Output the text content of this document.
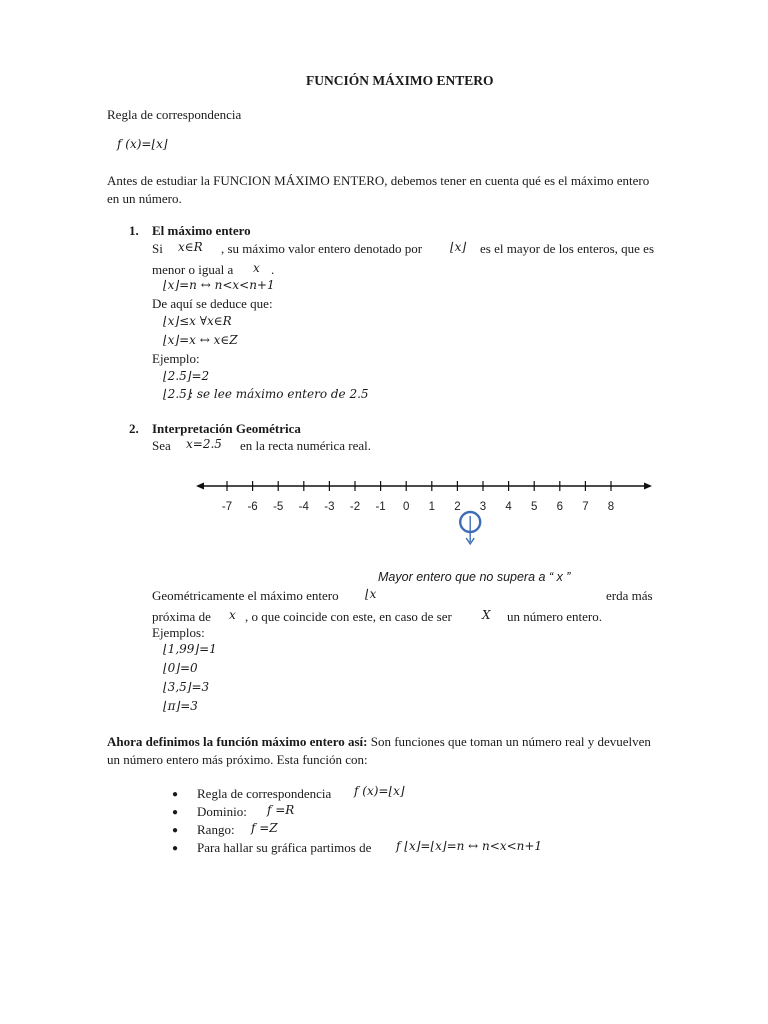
FUNCIÓN MÁXIMO ENTERO
Regla de correspondencia
f (x)=⌊x⌋
Antes de estudiar la FUNCION MÁXIMO ENTERO, debemos tener en cuenta qué es el máximo entero
en un número.
1. El máximo entero
Si x∈R , su máximo valor entero denotado por ⌊x⌋ es el mayor de los enteros, que es
menor o igual a x .
⌊x⌋=n ↔ n<x<n+1
De aquí se deduce que:
⌊x⌋≤x ∀x∈R
⌊x⌋=x ↔ x∈Z
Ejemplo:
⌊2.5⌋=2
⌊2.5⌋
: se lee máximo entero de 2.5
2. Interpretación Geométrica
Sea x=2.5 en la recta numérica real.
-7 -6 -5 -4 -3 -2 -1 0 1 2 3 4 5 6 7 8
Mayor entero que no supera a “ x ”
Geométricamente el máximo entero ⌊x	erda más
próxima de x , o que coincide con este, en caso de ser	X un número entero.
Ejemplos:
⌊1,99⌋=1
⌊0⌋=0
⌊3,5⌋=3
⌊π⌋=3
Ahora definimos la función máximo entero así: Son funciones que toman un número real y devuelven
un número entero más próximo. Esta función con:
● Regla de correspondencia f (x)=⌊x⌋
● Dominio: f =R
● Rango: f =Z
● Para hallar su gráfica partimos de f ⌊x⌋=⌊x⌋=n ↔ n<x<n+1
